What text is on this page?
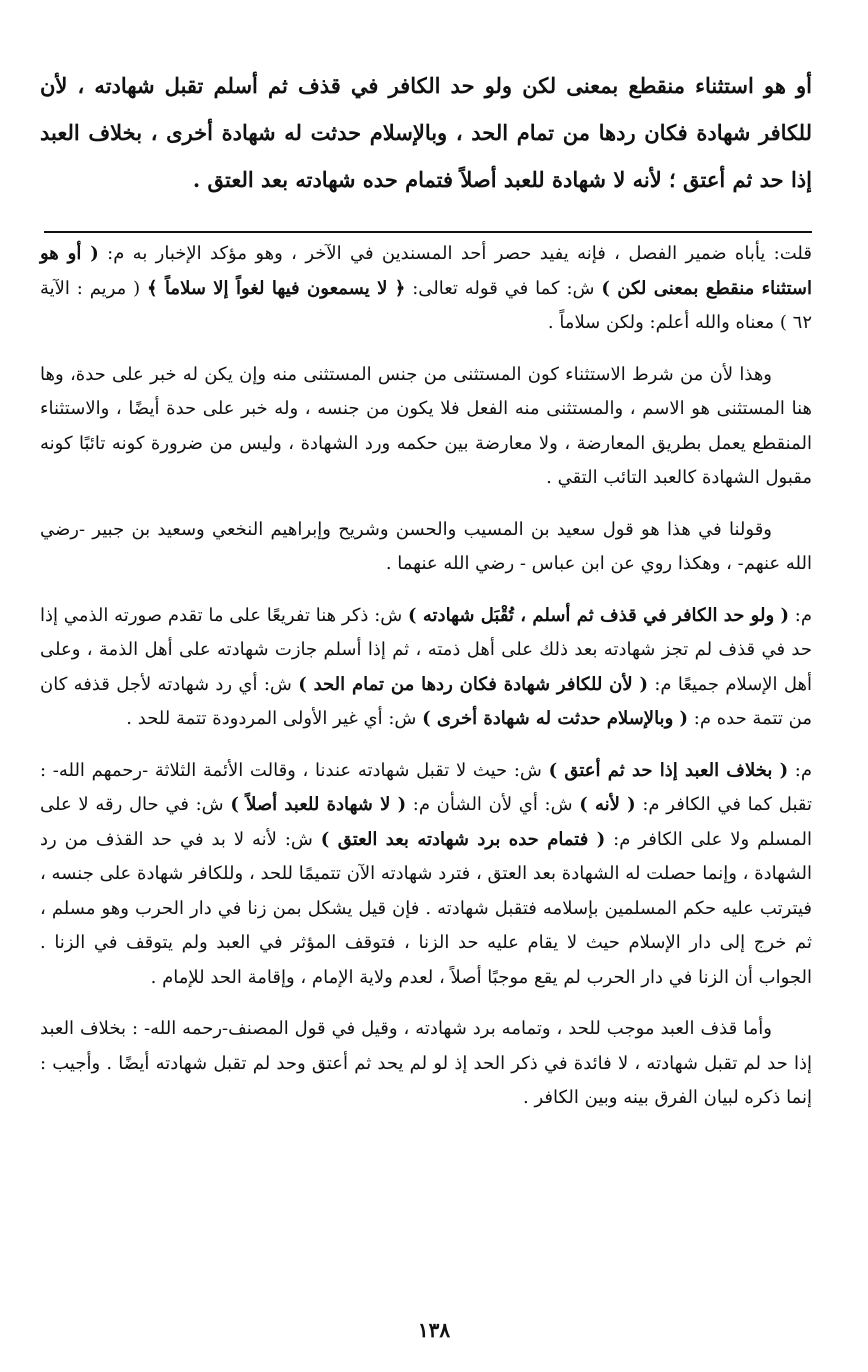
أو هو استثناء منقطع بمعنى لكن ولو حد الكافر في قذف ثم أسلم تقبل شهادته ، لأن للكافر شهادة فكان ردها من تمام الحد ، وبالإسلام حدثت له شهادة أخرى ، بخلاف العبد إذا حد ثم أعتق ؛ لأنه لا شهادة للعبد أصلاً فتمام حده شهادته بعد العتق .

قلت: يأباه ضمير الفصل ، فإنه يفيد حصر أحد المسندين في الآخر ، وهو مؤكد الإخبار به م: ( أو هو استثناء منقطع بمعنى لكن ) ش: كما في قوله تعالى: ﴿ لا يسمعون فيها لغواً إلا سلاماً ﴾ ( مريم : الآية ٦٢ ) معناه والله أعلم: ولكن سلاماً .

وهذا لأن من شرط الاستثناء كون المستثنى من جنس المستثنى منه وإن يكن له خبر على حدة، وها هنا المستثنى هو الاسم ، والمستثنى منه الفعل فلا يكون من جنسه ، وله خبر على حدة أيضًا ، والاستثناء المنقطع يعمل بطريق المعارضة ، ولا معارضة بين حكمه ورد الشهادة ، وليس من ضرورة كونه تائبًا كونه مقبول الشهادة كالعبد التائب التقي .

وقولنا في هذا هو قول سعيد بن المسيب والحسن وشريح وإبراهيم النخعي وسعيد بن جبير -رضي الله عنهم- ، وهكذا روي عن ابن عباس - رضي الله عنهما .

م: ( ولو حد الكافر في قذف ثم أسلم ، تُقْبَل شهادته ) ش: ذكر هنا تفريعًا على ما تقدم صورته الذمي إذا حد في قذف لم تجز شهادته بعد ذلك على أهل ذمته ، ثم إذا أسلم جازت شهادته على أهل الذمة ، وعلى أهل الإسلام جميعًا م: ( لأن للكافر شهادة فكان ردها من تمام الحد ) ش: أي رد شهادته لأجل قذفه كان من تتمة حده م: ( وبالإسلام حدثت له شهادة أخرى ) ش: أي غير الأولى المردودة تتمة للحد .

م: ( بخلاف العبد إذا حد ثم أعتق ) ش: حيث لا تقبل شهادته عندنا ، وقالت الأئمة الثلاثة -رحمهم الله- : تقبل كما في الكافر م: ( لأنه ) ش: أي لأن الشأن م: ( لا شهادة للعبد أصلاً ) ش: في حال رقه لا على المسلم ولا على الكافر م: ( فتمام حده برد شهادته بعد العتق ) ش: لأنه لا بد في حد القذف من رد الشهادة ، وإنما حصلت له الشهادة بعد العتق ، فترد شهادته الآن تتميمًا للحد ، وللكافر شهادة على جنسه ، فيترتب عليه حكم المسلمين بإسلامه فتقبل شهادته . فإن قيل يشكل بمن زنا في دار الحرب وهو مسلم ، ثم خرج إلى دار الإسلام حيث لا يقام عليه حد الزنا ، فتوقف المؤثر في العبد ولم يتوقف في الزنا . الجواب أن الزنا في دار الحرب لم يقع موجبًا أصلاً ، لعدم ولاية الإمام ، وإقامة الحد للإمام .

وأما قذف العبد موجب للحد ، وتمامه برد شهادته ، وقيل في قول المصنف-رحمه الله- : بخلاف العبد إذا حد لم تقبل شهادته ، لا فائدة في ذكر الحد إذ لو لم يحد ثم أعتق وحد لم تقبل شهادته أيضًا . وأجيب : إنما ذكره لبيان الفرق بينه وبين الكافر .

١٣٨
